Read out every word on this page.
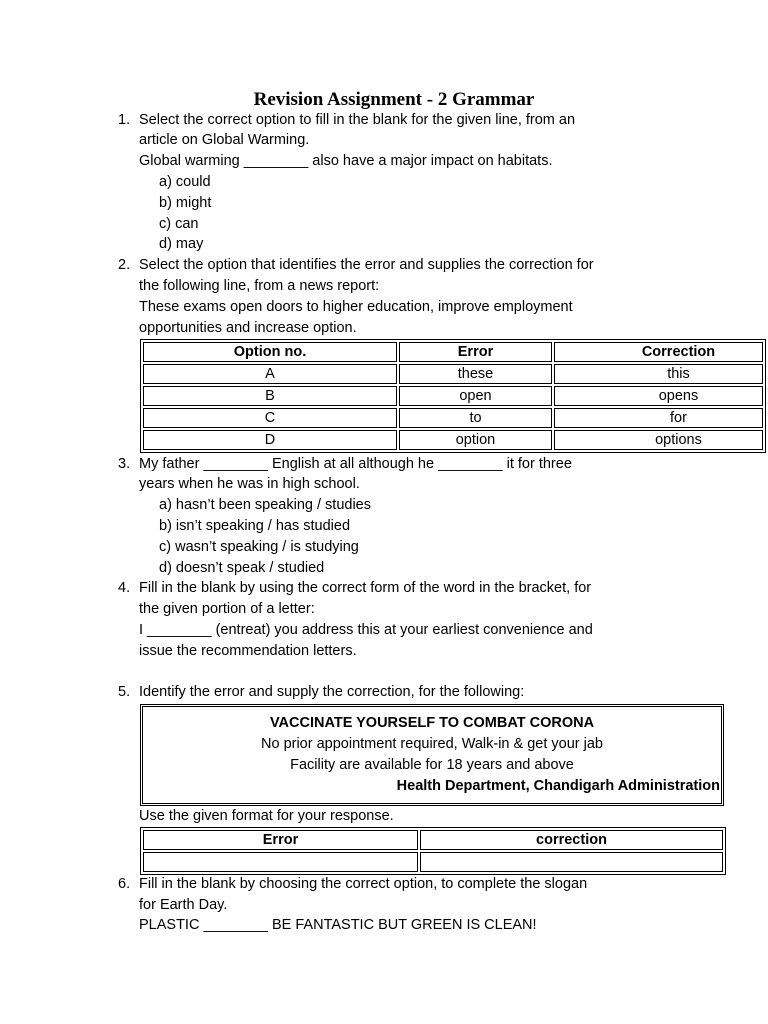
Revision Assignment - 2 Grammar
1. Select the correct option to fill in the blank for the given line, from an
article on Global Warming.
Global warming ________ also have a major impact on habitats.
a) could
b) might
c) can
d) may
2. Select the option that identifies the error and supplies the correction for
the following line, from a news report:
These exams open doors to higher education, improve employment
opportunities and increase option.
Option no.	Error	Correction
A	these	this
B	open	opens
C	to	for
D	option	options
3. My father ________ English at all although he ________ it for three
years when he was in high school.
a) hasn’t been speaking / studies
b) isn’t speaking / has studied
c) wasn’t speaking / is studying
d) doesn’t speak / studied
4. Fill in the blank by using the correct form of the word in the bracket, for
the given portion of a letter:
I ________ (entreat) you address this at your earliest convenience and
issue the recommendation letters.
5. Identify the error and supply the correction, for the following:
VACCINATE YOURSELF TO COMBAT CORONA
No prior appointment required, Walk-in & get your jab
Facility are available for 18 years and above
Health Department, Chandigarh Administration
Use the given format for your response.
Error	correction

6. Fill in the blank by choosing the correct option, to complete the slogan
for Earth Day.
PLASTIC ________ BE FANTASTIC BUT GREEN IS CLEAN!
